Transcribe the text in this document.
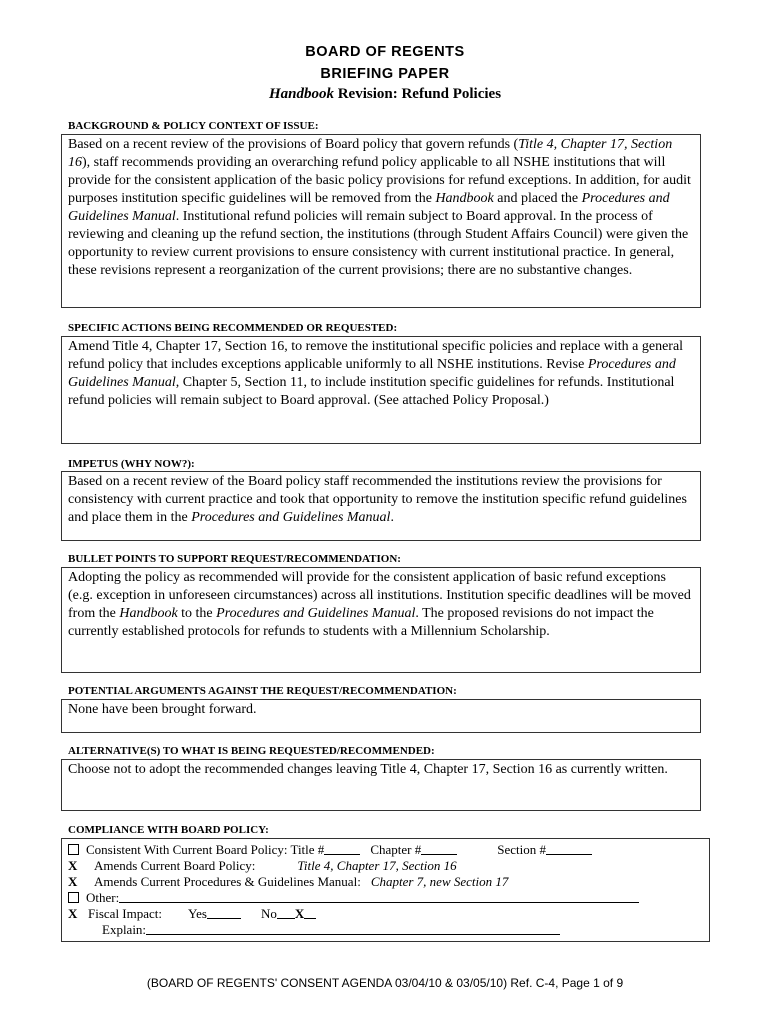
BOARD OF REGENTS
BRIEFING PAPER
Handbook Revision: Refund Policies
BACKGROUND & POLICY CONTEXT OF ISSUE:

Based on a recent review of the provisions of Board policy that govern refunds (Title 4, Chapter 17, Section 16), staff recommends providing an overarching refund policy applicable to all NSHE institutions that will provide for the consistent application of the basic policy provisions for refund exceptions. In addition, for audit purposes institution specific guidelines will be removed from the Handbook and placed the Procedures and Guidelines Manual. Institutional refund policies will remain subject to Board approval. In the process of reviewing and cleaning up the refund section, the institutions (through Student Affairs Council) were given the opportunity to review current provisions to ensure consistency with current institutional practice. In general, these revisions represent a reorganization of the current provisions; there are no substantive changes.

SPECIFIC ACTIONS BEING RECOMMENDED OR REQUESTED:

Amend Title 4, Chapter 17, Section 16, to remove the institutional specific policies and replace with a general refund policy that includes exceptions applicable uniformly to all NSHE institutions. Revise Procedures and Guidelines Manual, Chapter 5, Section 11, to include institution specific guidelines for refunds. Institutional refund policies will remain subject to Board approval. (See attached Policy Proposal.)

IMPETUS (WHY NOW?):

Based on a recent review of the Board policy staff recommended the institutions review the provisions for consistency with current practice and took that opportunity to remove the institution specific refund guidelines and place them in the Procedures and Guidelines Manual.

BULLET POINTS TO SUPPORT REQUEST/RECOMMENDATION:

Adopting the policy as recommended will provide for the consistent application of basic refund exceptions (e.g. exception in unforeseen circumstances) across all institutions. Institution specific deadlines will be moved from the Handbook to the Procedures and Guidelines Manual. The proposed revisions do not impact the currently established protocols for refunds to students with a Millennium Scholarship.

POTENTIAL ARGUMENTS AGAINST THE REQUEST/RECOMMENDATION:

None have been brought forward.

ALTERNATIVE(S) TO WHAT IS BEING REQUESTED/RECOMMENDED:

Choose not to adopt the recommended changes leaving Title 4, Chapter 17, Section 16 as currently written.

COMPLIANCE WITH BOARD POLICY:
Consistent With Current Board Policy: Title #	Chapter #	Section #
X Amends Current Board Policy:	Title 4, Chapter 17, Section 16
X Amends Current Procedures & Guidelines Manual: Chapter 7, new Section 17
Other:
X Fiscal Impact: Yes	No X
Explain:
(BOARD OF REGENTS' CONSENT AGENDA 03/04/10 & 03/05/10) Ref. C-4, Page 1 of 9
